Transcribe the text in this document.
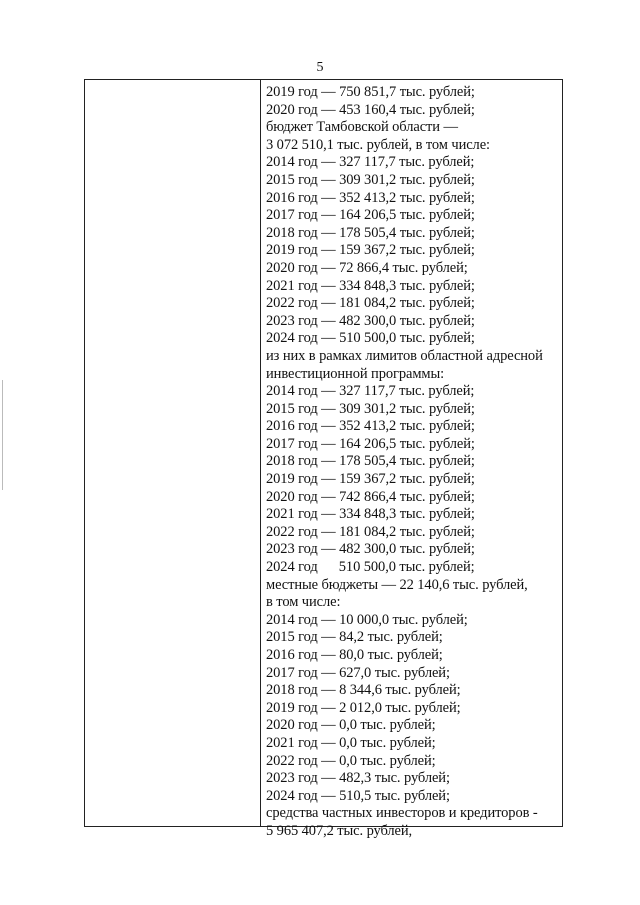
5
2019 год — 750 851,7 тыс. рублей;
2020 год — 453 160,4 тыс. рублей;
бюджет Тамбовской области —
3 072 510,1 тыс. рублей, в том числе:
2014 год — 327 117,7 тыс. рублей;
2015 год — 309 301,2 тыс. рублей;
2016 год — 352 413,2 тыс. рублей;
2017 год — 164 206,5 тыс. рублей;
2018 год — 178 505,4 тыс. рублей;
2019 год — 159 367,2 тыс. рублей;
2020 год — 72 866,4 тыс. рублей;
2021 год — 334 848,3 тыс. рублей;
2022 год — 181 084,2 тыс. рублей;
2023 год — 482 300,0 тыс. рублей;
2024 год — 510 500,0 тыс. рублей;
из них в рамках лимитов областной адресной
инвестиционной программы:
2014 год — 327 117,7 тыс. рублей;
2015 год — 309 301,2 тыс. рублей;
2016 год — 352 413,2 тыс. рублей;
2017 год — 164 206,5 тыс. рублей;
2018 год — 178 505,4 тыс. рублей;
2019 год — 159 367,2 тыс. рублей;
2020 год — 742 866,4 тыс. рублей;
2021 год — 334 848,3 тыс. рублей;
2022 год — 181 084,2 тыс. рублей;
2023 год — 482 300,0 тыс. рублей;
2024 год      510 500,0 тыс. рублей;
местные бюджеты — 22 140,6 тыс. рублей,
в том числе:
2014 год — 10 000,0 тыс. рублей;
2015 год — 84,2 тыс. рублей;
2016 год — 80,0 тыс. рублей;
2017 год — 627,0 тыс. рублей;
2018 год — 8 344,6 тыс. рублей;
2019 год — 2 012,0 тыс. рублей;
2020 год — 0,0 тыс. рублей;
2021 год — 0,0 тыс. рублей;
2022 год — 0,0 тыс. рублей;
2023 год — 482,3 тыс. рублей;
2024 год — 510,5 тыс. рублей;
средства частных инвесторов и кредиторов -
5 965 407,2 тыс. рублей,
